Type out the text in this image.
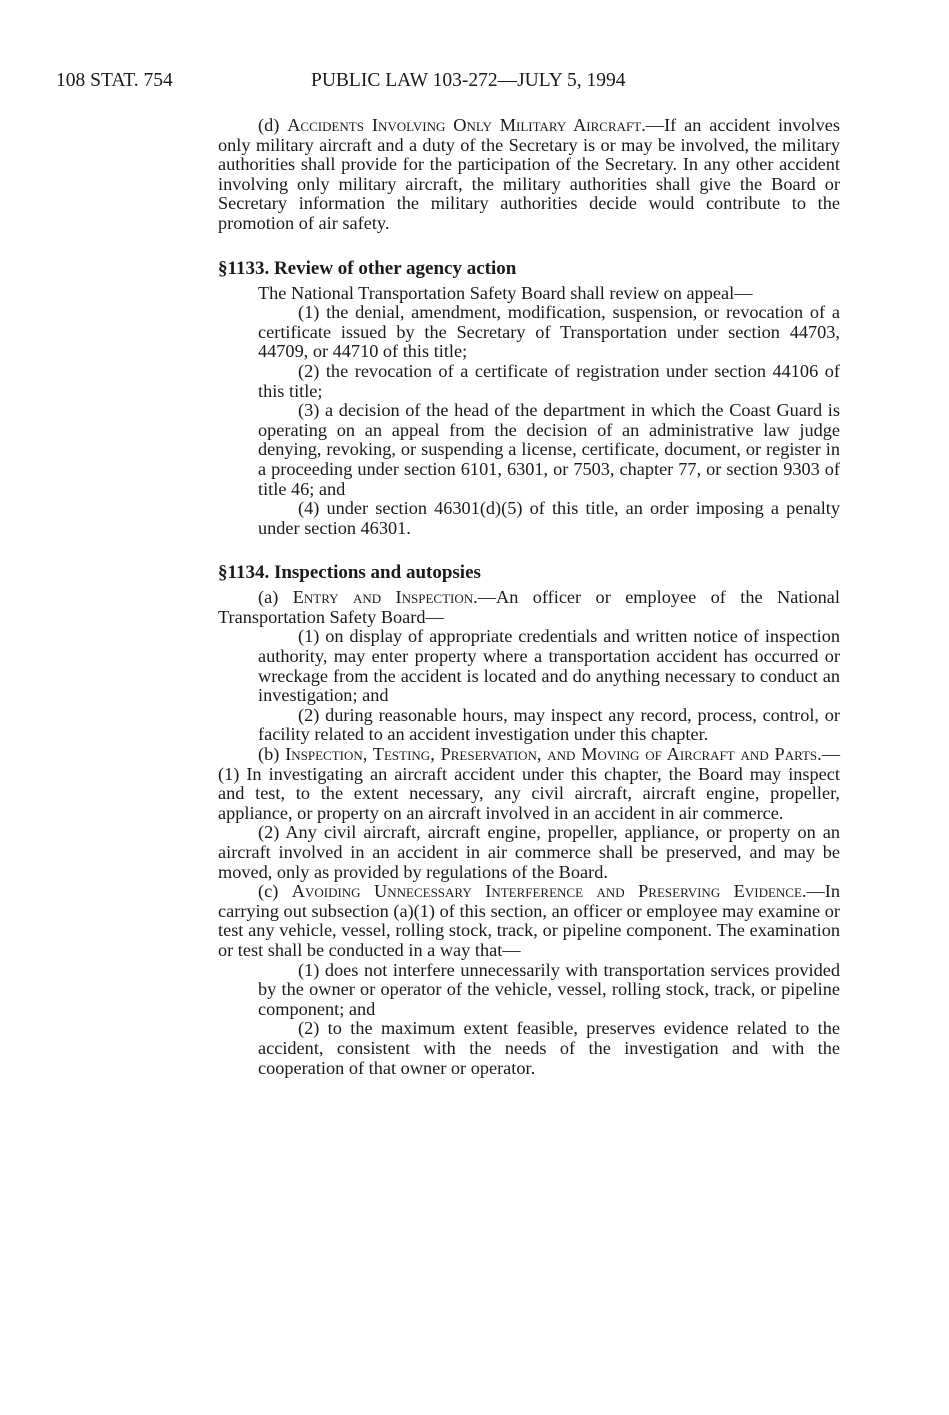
108 STAT. 754	PUBLIC LAW 103-272—JULY 5, 1994

(d) Accidents Involving Only Military Aircraft.—If an accident involves only military aircraft and a duty of the Secretary is or may be involved, the military authorities shall provide for the participation of the Secretary. In any other accident involving only military aircraft, the military authorities shall give the Board or Secretary information the military authorities decide would contribute to the promotion of air safety.

§1133. Review of other agency action

The National Transportation Safety Board shall review on appeal—

(1) the denial, amendment, modification, suspension, or revocation of a certificate issued by the Secretary of Transportation under section 44703, 44709, or 44710 of this title;

(2) the revocation of a certificate of registration under section 44106 of this title;

(3) a decision of the head of the department in which the Coast Guard is operating on an appeal from the decision of an administrative law judge denying, revoking, or suspending a license, certificate, document, or register in a proceeding under section 6101, 6301, or 7503, chapter 77, or section 9303 of title 46; and

(4) under section 46301(d)(5) of this title, an order imposing a penalty under section 46301.

§1134. Inspections and autopsies

(a) Entry and Inspection.—An officer or employee of the National Transportation Safety Board—

(1) on display of appropriate credentials and written notice of inspection authority, may enter property where a transportation accident has occurred or wreckage from the accident is located and do anything necessary to conduct an investigation; and

(2) during reasonable hours, may inspect any record, process, control, or facility related to an accident investigation under this chapter.

(b) Inspection, Testing, Preservation, and Moving of Aircraft and Parts.—(1) In investigating an aircraft accident under this chapter, the Board may inspect and test, to the extent necessary, any civil aircraft, aircraft engine, propeller, appliance, or property on an aircraft involved in an accident in air commerce.

(2) Any civil aircraft, aircraft engine, propeller, appliance, or property on an aircraft involved in an accident in air commerce shall be preserved, and may be moved, only as provided by regulations of the Board.

(c) Avoiding Unnecessary Interference and Preserving Evidence.—In carrying out subsection (a)(1) of this section, an officer or employee may examine or test any vehicle, vessel, rolling stock, track, or pipeline component. The examination or test shall be conducted in a way that—

(1) does not interfere unnecessarily with transportation services provided by the owner or operator of the vehicle, vessel, rolling stock, track, or pipeline component; and

(2) to the maximum extent feasible, preserves evidence related to the accident, consistent with the needs of the investigation and with the cooperation of that owner or operator.
